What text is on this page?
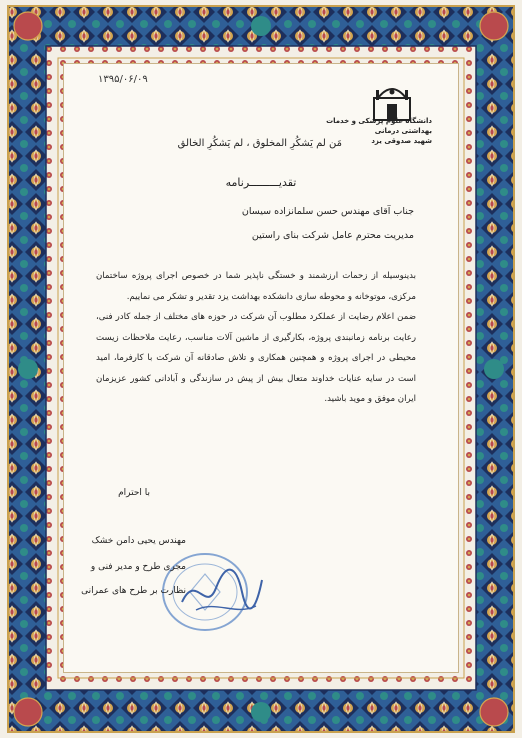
۱۳۹۵/۰۶/۰۹
دانشگاه علوم پزشکی و خدمات بهداشتی درمانی
شهید صدوقی یزد
مَن لم یَشکُرِ المخلوق ، لم یَشکُرِ الخالق
تقدیـــــــــرنامه
جناب آقای مهندس حسن سلمانزاده سیسان
مدیریت محترم عامل شرکت بنای راستین

بدینوسیله از زحمات ارزشمند و خستگی ناپذیر شما در خصوص اجرای پروژه ساختمان مرکزی، موتوخانه و محوطه سازی دانشکده بهداشت یزد تقدیر و تشکر می نماییم.

ضمن اعلام رضایت از عملکرد مطلوب آن شرکت در حوزه های مختلف از جمله کادر فنی، رعایت برنامه زمانبندی پروژه، بکارگیری از ماشین آلات مناسب، رعایت ملاحظات زیست محیطی در اجرای پروژه و همچنین همکاری و تلاش صادقانه آن شرکت با کارفرما، امید است در سایه عنایات خداوند متعال بیش از پیش در سازندگی و آبادانی کشور عزیزمان ایران موفق و موید باشید.

با احترام
مهندس یحیی دامن خشک
مجری طرح و مدیر فنی و
نظارت بر طرح های عمرانی
